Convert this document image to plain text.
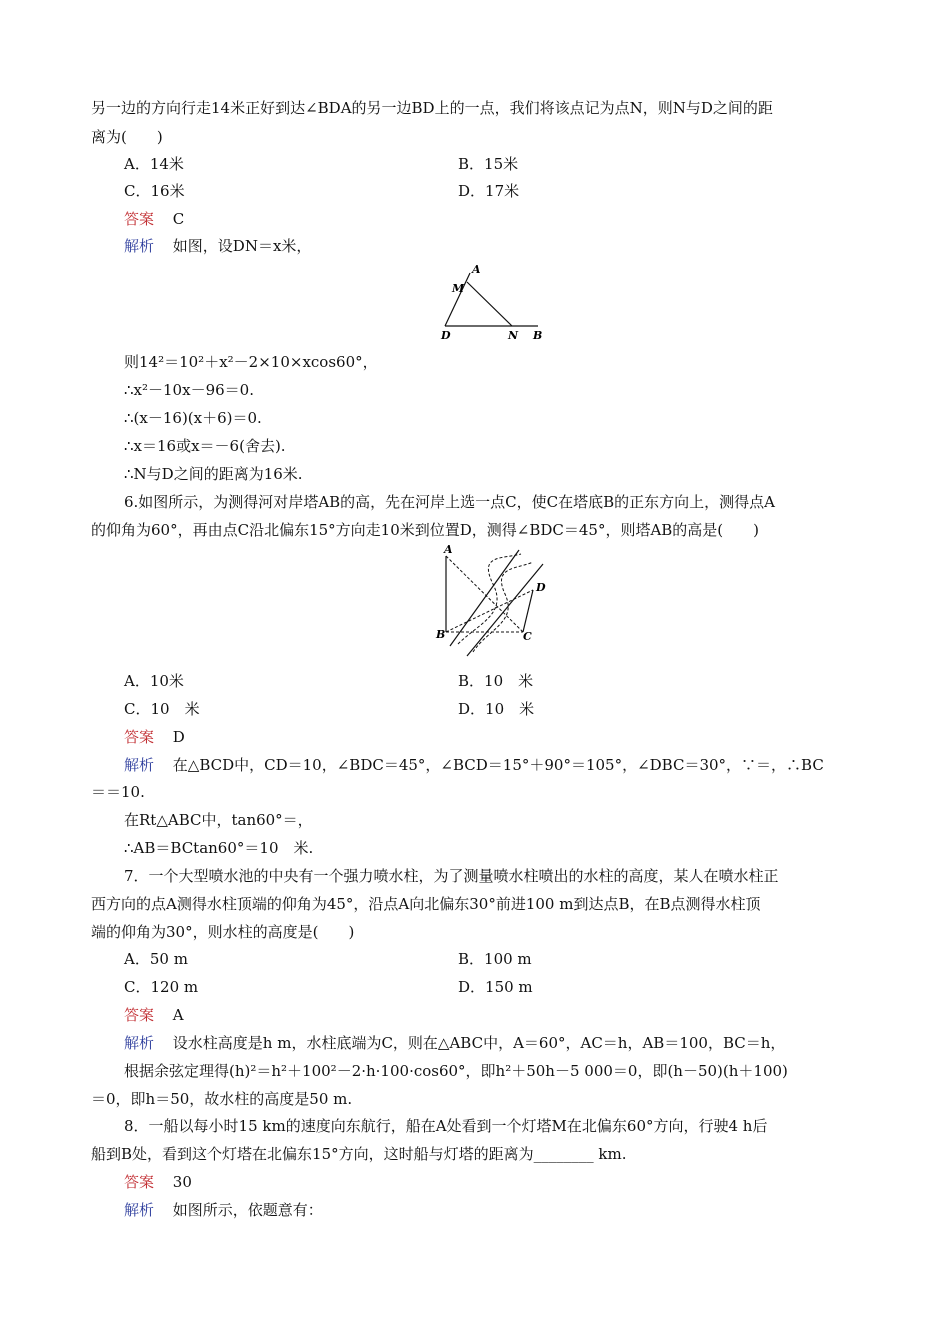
另一边的方向行走14米正好到达∠BDA的另一边BD上的一点，我们将该点记为点N，则N与D之间的距
离为(　　)
A．14米	B．15米
C．16米	D．17米
答案 C
解析 如图，设DN＝x米，
A
M
D	N B
则14²＝10²＋x²－2×10×xcos60°，
∴x²－10x－96＝0.
∴(x－16)(x＋6)＝0.
∴x＝16或x＝－6(舍去).
∴N与D之间的距离为16米.
6.如图所示，为测得河对岸塔AB的高，先在河岸上选一点C，使C在塔底B的正东方向上，测得点A
的仰角为60°，再由点C沿北偏东15°方向走10米到位置D，测得∠BDC＝45°，则塔AB的高是(　　)
A
B	C
D
A．10米	B．10　米
C．10　米	D．10　米
答案 D
解析 在△BCD中，CD＝10，∠BDC＝45°，∠BCD＝15°＋90°＝105°，∠DBC＝30°，∵＝，∴BC
＝＝10.
在Rt△ABC中，tan60°＝，
∴AB＝BCtan60°＝10　米.
7．一个大型喷水池的中央有一个强力喷水柱，为了测量喷水柱喷出的水柱的高度，某人在喷水柱正
西方向的点A测得水柱顶端的仰角为45°，沿点A向北偏东30°前进100 m到达点B，在B点测得水柱顶
端的仰角为30°，则水柱的高度是(　　)
A．50 m	B．100 m
C．120 m	D．150 m
答案 A
解析 设水柱高度是h m，水柱底端为C，则在△ABC中，A＝60°，AC＝h，AB＝100，BC＝h，
根据余弦定理得(h)²＝h²＋100²－2·h·100·cos60°，即h²＋50h－5 000＝0，即(h－50)(h＋100)
＝0，即h＝50，故水柱的高度是50 m.
8．一船以每小时15 km的速度向东航行，船在A处看到一个灯塔M在北偏东60°方向，行驶4 h后
船到B处，看到这个灯塔在北偏东15°方向，这时船与灯塔的距离为________ km.
答案 30
解析 如图所示，依题意有：
